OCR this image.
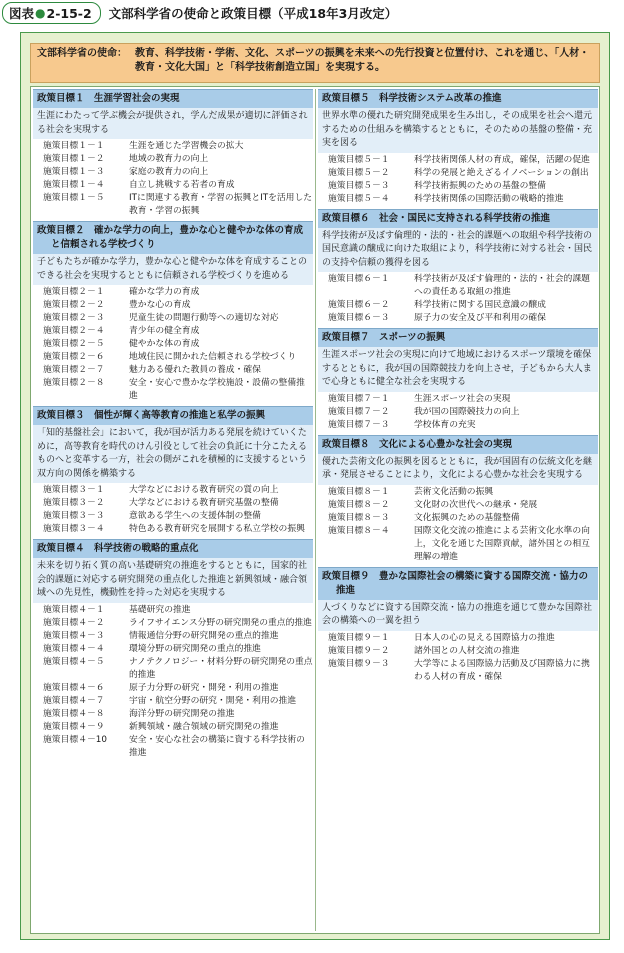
図表 ● 2-15-2 文部科学省の使命と政策目標（平成18年3月改定）
文部科学省の使命： 教育、科学技術・学術、文化、スポーツの振興を未来への先行投資と位置付け、これを通じ、「人材・教育・文化大国」と「科学技術創造立国」を実現する。
政策目標１　生涯学習社会の実現
生涯にわたって学ぶ機会が提供され，学んだ成果が適切に評価される社会を実現する
施策目標１－１	生涯を通じた学習機会の拡大
施策目標１－２	地域の教育力の向上
施策目標１－３	家庭の教育力の向上
施策目標１－４	自立し挑戦する若者の育成
施策目標１－５	ITに関連する教育・学習の振興とITを活用した教育・学習の振興
政策目標２　確かな学力の向上，豊かな心と健やかな体の育成と信頼される学校づくり
子どもたちが確かな学力，豊かな心と健やかな体を育成することのできる社会を実現するとともに信頼される学校づくりを進める
施策目標２－１	確かな学力の育成
施策目標２－２	豊かな心の育成
施策目標２－３	児童生徒の問題行動等への適切な対応
施策目標２－４	青少年の健全育成
施策目標２－５	健やかな体の育成
施策目標２－６	地域住民に開かれた信頼される学校づくり
施策目標２－７	魅力ある優れた教員の養成・確保
施策目標２－８	安全・安心で豊かな学校施設・設備の整備推進
政策目標３　個性が輝く高等教育の推進と私学の振興
「知的基盤社会」において，我が国が活力ある発展を続けていくために，高等教育を時代のけん引役として社会の負託に十分こたえるものへと変革する一方，社会の側がこれを積極的に支援するという双方向の関係を構築する
施策目標３－１	大学などにおける教育研究の質の向上
施策目標３－２	大学などにおける教育研究基盤の整備
施策目標３－３	意欲ある学生への支援体制の整備
施策目標３－４	特色ある教育研究を展開する私立学校の振興
政策目標４　科学技術の戦略的重点化
未来を切り拓く質の高い基礎研究の推進をするとともに，国家的社会的課題に対応する研究開発の重点化した推進と新興領域・融合領域への先見性，機動性を持った対応を実現する
施策目標４－１	基礎研究の推進
施策目標４－２	ライフサイエンス分野の研究開発の重点的推進
施策目標４－３	情報通信分野の研究開発の重点的推進
施策目標４－４	環境分野の研究開発の重点的推進
施策目標４－５	ナノテクノロジー・材料分野の研究開発の重点的推進
施策目標４－６	原子力分野の研究・開発・利用の推進
施策目標４－７	宇宙・航空分野の研究・開発・利用の推進
施策目標４－８	海洋分野の研究開発の推進
施策目標４－９	新興領域・融合領域の研究開発の推進
施策目標４－10	安全・安心な社会の構築に資する科学技術の推進
政策目標５　科学技術システム改革の推進
世界水準の優れた研究開発成果を生み出し，その成果を社会へ還元するための仕組みを構築するとともに，そのための基盤の整備・充実を図る
施策目標５－１	科学技術関係人材の育成，確保，活躍の促進
施策目標５－２	科学の発展と絶えざるイノベーションの創出
施策目標５－３	科学技術振興のための基盤の整備
施策目標５－４	科学技術関係の国際活動の戦略的推進
政策目標６　社会・国民に支持される科学技術の推進
科学技術が及ぼす倫理的・法的・社会的課題への取組や科学技術の国民意識の醸成に向けた取組により，科学技術に対する社会・国民の支持や信頼の獲得を図る
施策目標６－１	科学技術が及ぼす倫理的・法的・社会的課題への責任ある取組の推進
施策目標６－２	科学技術に関する国民意識の醸成
施策目標６－３	原子力の安全及び平和利用の確保
政策目標７　スポーツの振興
生涯スポーツ社会の実現に向けて地域におけるスポーツ環境を確保するとともに，我が国の国際競技力を向上させ，子どもから大人まで心身ともに健全な社会を実現する
施策目標７－１	生涯スポーツ社会の実現
施策目標７－２	我が国の国際競技力の向上
施策目標７－３	学校体育の充実
政策目標８　文化による心豊かな社会の実現
優れた芸術文化の振興を図るとともに，我が国固有の伝統文化を継承・発展させることにより，文化による心豊かな社会を実現する
施策目標８－１	芸術文化活動の振興
施策目標８－２	文化財の次世代への継承・発展
施策目標８－３	文化振興のための基盤整備
施策目標８－４	国際文化交流の推進による芸術文化水準の向上，文化を通じた国際貢献，諸外国との相互理解の増進
政策目標９　豊かな国際社会の構築に資する国際交流・協力の推進
人づくりなどに資する国際交流・協力の推進を通じて豊かな国際社会の構築への一翼を担う
施策目標９－１	日本人の心の見える国際協力の推進
施策目標９－２	諸外国との人材交流の推進
施策目標９－３	大学等による国際協力活動及び国際協力に携わる人材の育成・確保
